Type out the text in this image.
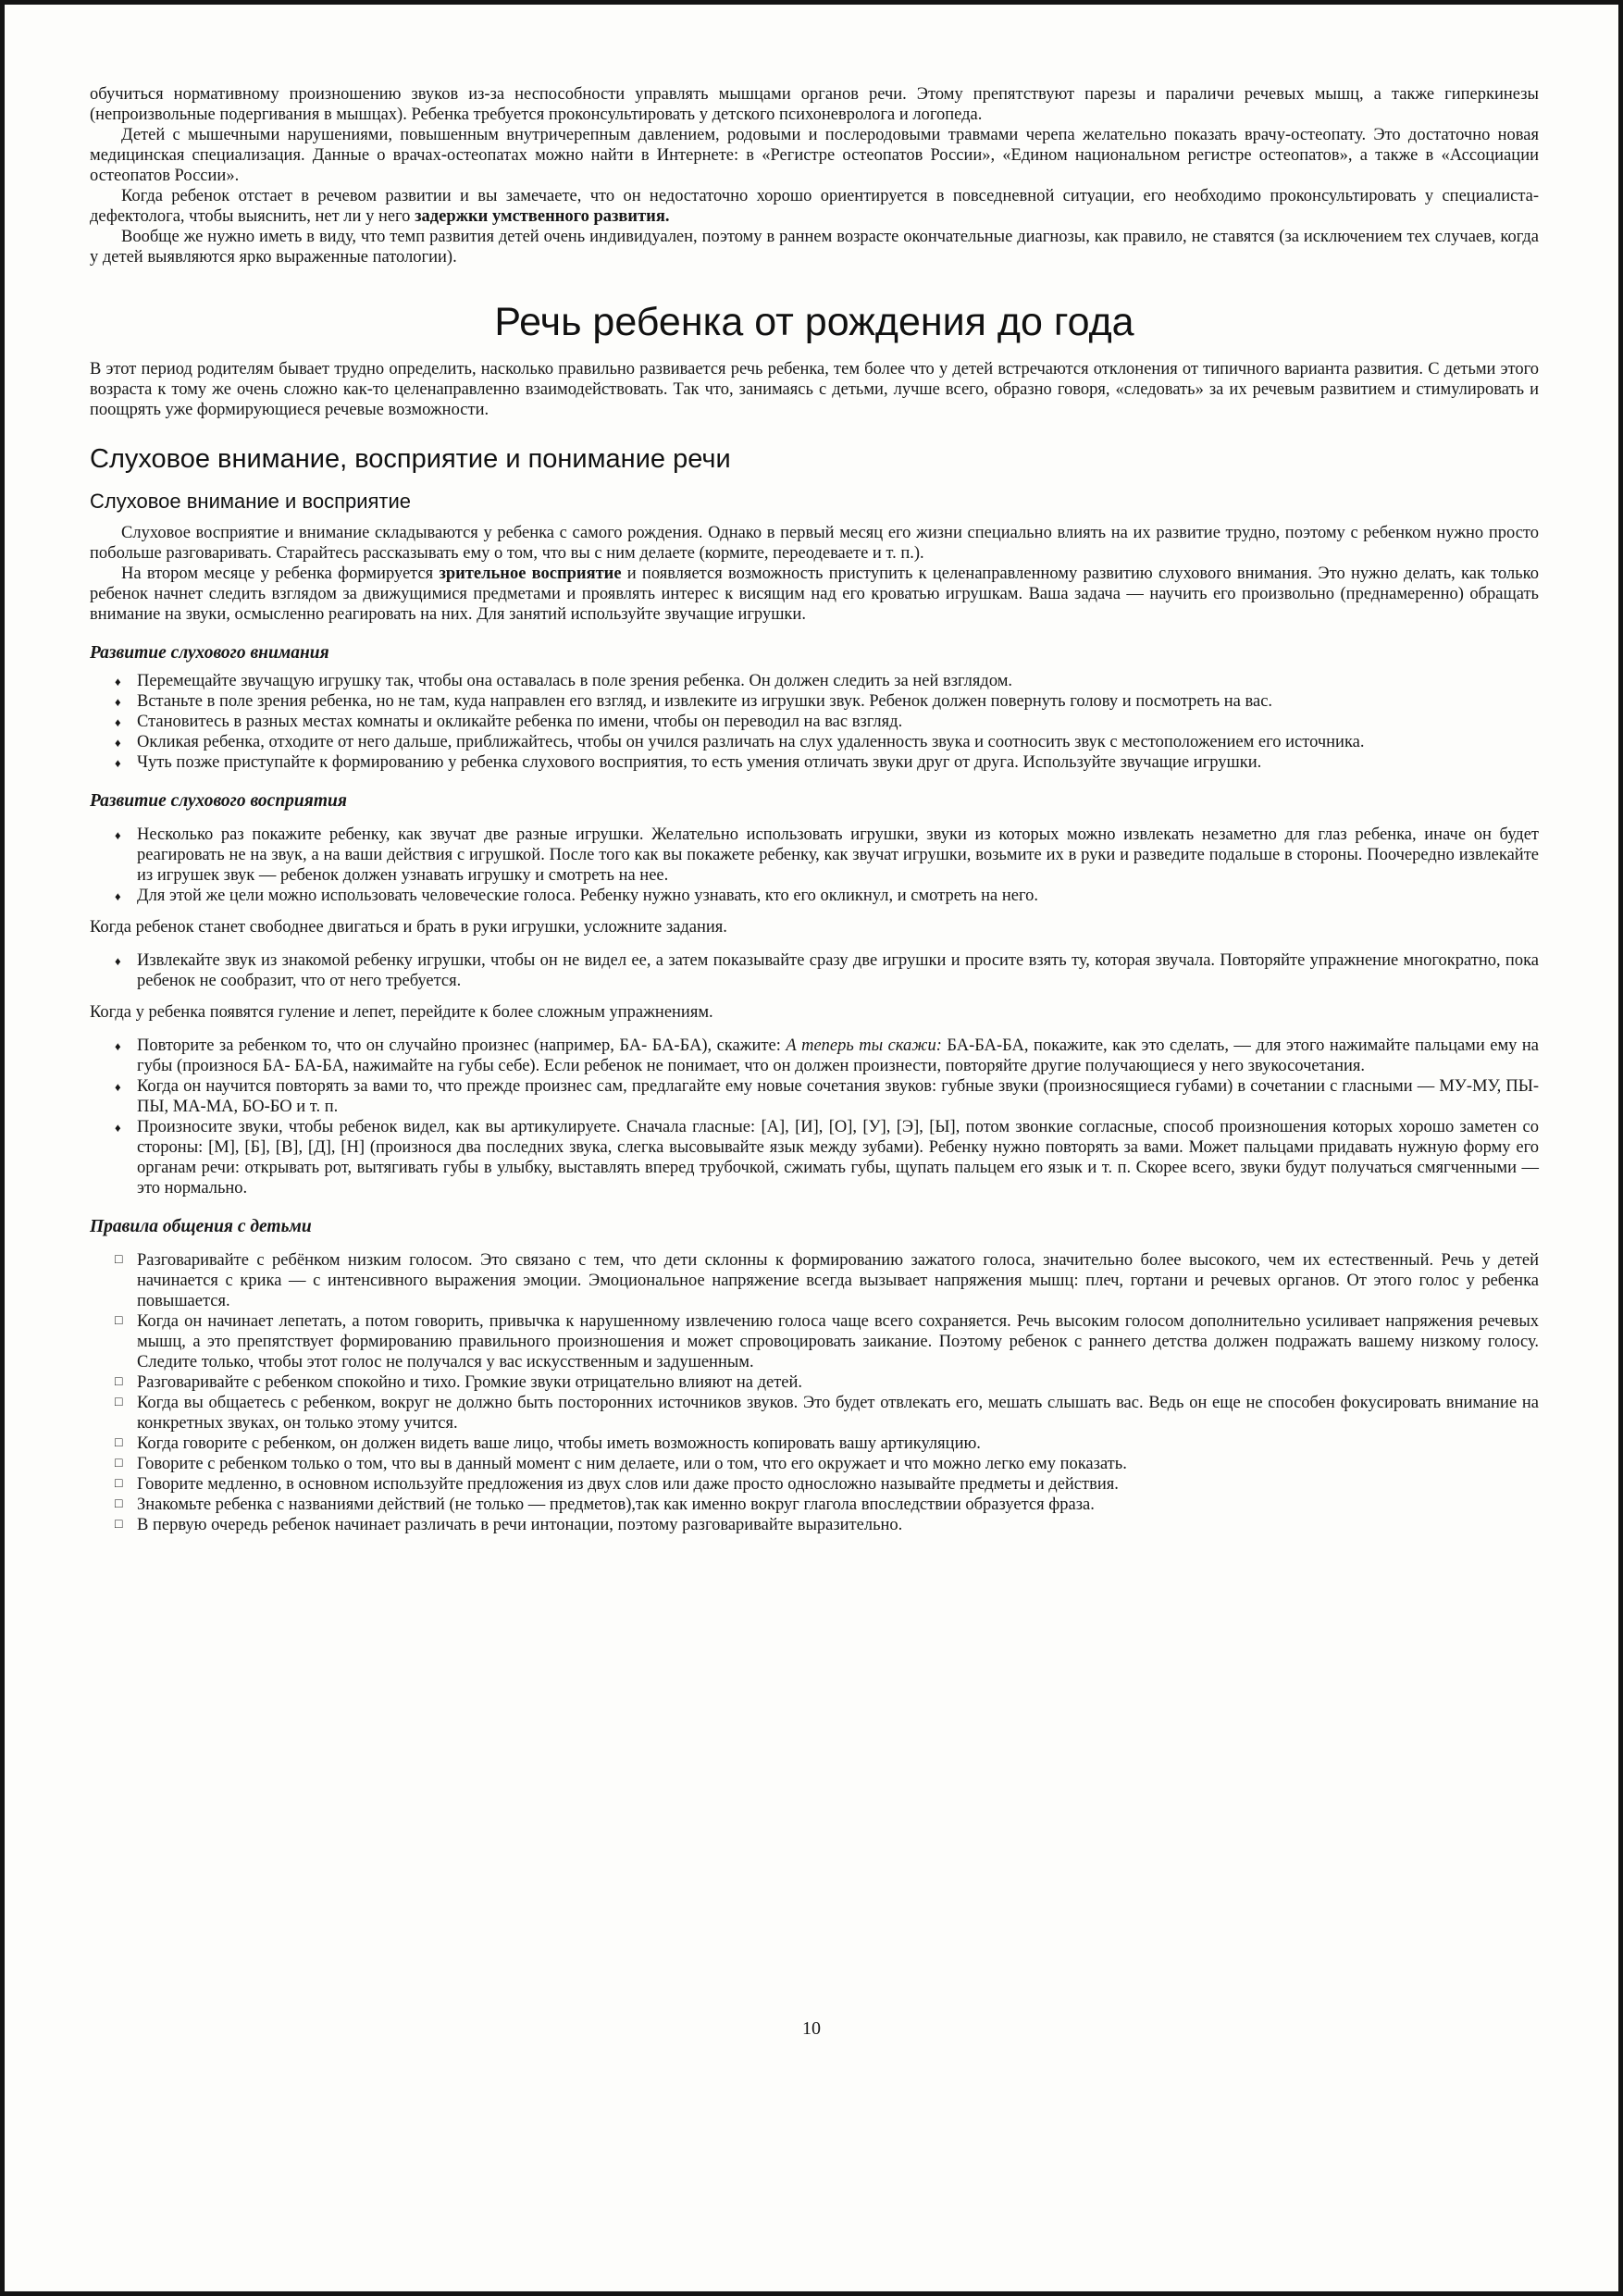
обучиться нормативному произношению звуков из-за неспособности управлять мышцами органов речи. Этому препятствуют парезы и параличи речевых мышц, а также гиперкинезы (непроизвольные подергивания в мышцах). Ребенка требуется проконсультировать у детского психоневролога и логопеда.

Детей с мышечными нарушениями, повышенным внутричерепным давлением, родовыми и послеродовыми травмами черепа желательно показать врачу-остеопату. Это достаточно новая медицинская специализация. Данные о врачах-остеопатах можно найти в Интернете: в «Регистре остеопатов России», «Едином национальном регистре остеопатов», а также в «Ассоциации остеопатов России».

Когда ребенок отстает в речевом развитии и вы замечаете, что он недостаточно хорошо ориентируется в повседневной ситуации, его необходимо проконсультировать у специалиста-дефектолога, чтобы выяснить, нет ли у него задержки умственного развития.

Вообще же нужно иметь в виду, что темп развития детей очень индивидуален, поэтому в раннем возрасте окончательные диагнозы, как правило, не ставятся (за исключением тех случаев, когда у детей выявляются ярко выраженные патологии).

Речь ребенка от рождения до года

В этот период родителям бывает трудно определить, насколько правильно развивается речь ребенка, тем более что у детей встречаются отклонения от типичного варианта развития. С детьми этого возраста к тому же очень сложно как-то целенаправленно взаимодействовать. Так что, занимаясь с детьми, лучше всего, образно говоря, «следовать» за их речевым развитием и стимулировать и поощрять уже формирующиеся речевые возможности.

Слуховое внимание, восприятие и понимание речи
Слуховое внимание и восприятие

Слуховое восприятие и внимание складываются у ребенка с самого рождения. Однако в первый месяц его жизни специально влиять на их развитие трудно, поэтому с ребенком нужно просто побольше разговаривать. Старайтесь рассказывать ему о том, что вы с ним делаете (кормите, переодеваете и т. п.).

На втором месяце у ребенка формируется зрительное восприятие и появляется возможность приступить к целенаправленному развитию слухового внимания. Это нужно делать, как только ребенок начнет следить взглядом за движущимися предметами и проявлять интерес к висящим над его кроватью игрушкам. Ваша задача — научить его произвольно (преднамеренно) обращать внимание на звуки, осмысленно реагировать на них. Для занятий используйте звучащие игрушки.

Развитие слухового внимания
♦ Перемещайте звучащую игрушку так, чтобы она оставалась в поле зрения ребенка. Он должен следить за ней взглядом.
♦ Встаньте в поле зрения ребенка, но не там, куда направлен его взгляд, и извлеките из игрушки звук. Ребенок должен повернуть голову и посмотреть на вас.
♦ Становитесь в разных местах комнаты и окликайте ребенка по имени, чтобы он переводил на вас взгляд.
♦ Окликая ребенка, отходите от него дальше, приближайтесь, чтобы он учился различать на слух удаленность звука и соотносить звук с местоположением его источника.
♦ Чуть позже приступайте к формированию у ребенка слухового восприятия, то есть умения отличать звуки друг от друга. Используйте звучащие игрушки.
Развитие слухового восприятия
♦ Несколько раз покажите ребенку, как звучат две разные игрушки. Желательно использовать игрушки, звуки из которых можно извлекать незаметно для глаз ребенка, иначе он будет реагировать не на звук, а на ваши действия с игрушкой. После того как вы покажете ребенку, как звучат игрушки, возьмите их в руки и разведите подальше в стороны. Поочередно извлекайте из игрушек звук — ребенок должен узнавать игрушку и смотреть на нее.
♦ Для этой же цели можно использовать человеческие голоса. Ребенку нужно узнавать, кто его окликнул, и смотреть на него.

Когда ребенок станет свободнее двигаться и брать в руки игрушки, усложните задания.

♦ Извлекайте звук из знакомой ребенку игрушки, чтобы он не видел ее, а затем показывайте сразу две игрушки и просите взять ту, которая звучала. Повторяйте упражнение многократно, пока ребенок не сообразит, что от него требуется.

Когда у ребенка появятся гуление и лепет, перейдите к более сложным упражнениям.

♦ Повторите за ребенком то, что он случайно произнес (например, БА- БА-БА), скажите: А теперь ты скажи: БА-БА-БА, покажите, как это сделать, — для этого нажимайте пальцами ему на губы (произнося БА- БА-БА, нажимайте на губы себе). Если ребенок не понимает, что он должен произнести, повторяйте другие получающиеся у него звукосочетания.
♦ Когда он научится повторять за вами то, что прежде произнес сам, предлагайте ему новые сочетания звуков: губные звуки (произносящиеся губами) в сочетании с гласными — МУ-МУ, ПЫ-ПЫ, МА-МА, БО-БО и т. п.
♦ Произносите звуки, чтобы ребенок видел, как вы артикулируете. Сначала гласные: [А], [И], [О], [У], [Э], [Ы], потом звонкие согласные, способ произношения которых хорошо заметен со стороны: [М], [Б], [В], [Д], [Н] (произнося два последних звука, слегка высовывайте язык между зубами). Ребенку нужно повторять за вами. Может пальцами придавать нужную форму его органам речи: открывать рот, вытягивать губы в улыбку, выставлять вперед трубочкой, сжимать губы, щупать пальцем его язык и т. п. Скорее всего, звуки будут получаться смягченными — это нормально.
Правила общения с детьми
□ Разговаривайте с ребёнком низким голосом. Это связано с тем, что дети склонны к формированию зажатого голоса, значительно более высокого, чем их естественный. Речь у детей начинается с крика — с интенсивного выражения эмоции. Эмоциональное напряжение всегда вызывает напряжения мышц: плеч, гортани и речевых органов. От этого голос у ребенка повышается.
□ Когда он начинает лепетать, а потом говорить, привычка к нарушенному извлечению голоса чаще всего сохраняется. Речь высоким голосом дополнительно усиливает напряжения речевых мышц, а это препятствует формированию правильного произношения и может спровоцировать заикание. Поэтому ребенок с раннего детства должен подражать вашему низкому голосу. Следите только, чтобы этот голос не получался у вас искусственным и задушенным.
□ Разговаривайте с ребенком спокойно и тихо. Громкие звуки отрицательно влияют на детей.
□ Когда вы общаетесь с ребенком, вокруг не должно быть посторонних источников звуков. Это будет отвлекать его, мешать слышать вас. Ведь он еще не способен фокусировать внимание на конкретных звуках, он только этому учится.
□ Когда говорите с ребенком, он должен видеть ваше лицо, чтобы иметь возможность копировать вашу артикуляцию.
□ Говорите с ребенком только о том, что вы в данный момент с ним делаете, или о том, что его окружает и что можно легко ему показать.
□ Говорите медленно, в основном используйте предложения из двух слов или даже просто односложно называйте предметы и действия.
□ Знакомьте ребенка с названиями действий (не только — предметов),так как именно вокруг глагола впоследствии образуется фраза.
□ В первую очередь ребенок начинает различать в речи интонации, поэтому разговаривайте выразительно.
10
